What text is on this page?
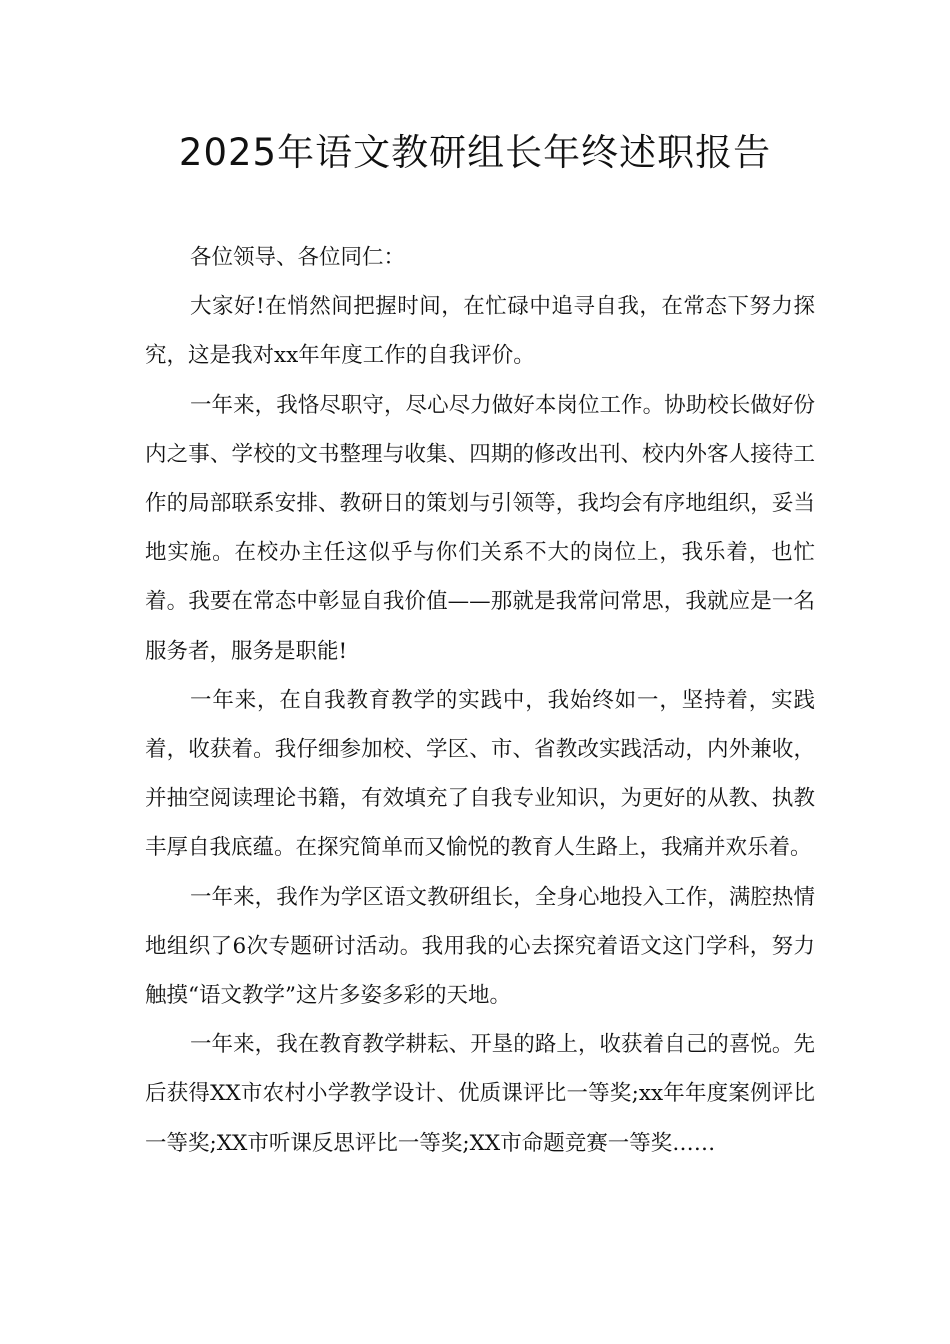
2025年语文教研组长年终述职报告

各位领导、各位同仁：

大家好!在悄然间把握时间，在忙碌中追寻自我，在常态下努力探究，这是我对xx年年度工作的自我评价。

一年来，我恪尽职守，尽心尽力做好本岗位工作。协助校长做好份内之事、学校的文书整理与收集、四期的修改出刊、校内外客人接待工作的局部联系安排、教研日的策划与引领等，我均会有序地组织，妥当地实施。在校办主任这似乎与你们关系不大的岗位上，我乐着，也忙着。我要在常态中彰显自我价值——那就是我常问常思，我就应是一名服务者，服务是职能!

一年来，在自我教育教学的实践中，我始终如一，坚持着，实践着，收获着。我仔细参加校、学区、市、省教改实践活动，内外兼收，并抽空阅读理论书籍，有效填充了自我专业知识，为更好的从教、执教丰厚自我底蕴。在探究简单而又愉悦的教育人生路上，我痛并欢乐着。

一年来，我作为学区语文教研组长，全身心地投入工作，满腔热情地组织了6次专题研讨活动。我用我的心去探究着语文这门学科，努力触摸“语文教学”这片多姿多彩的天地。

一年来，我在教育教学耕耘、开垦的路上，收获着自己的喜悦。先后获得XX市农村小学教学设计、优质课评比一等奖;xx年年度案例评比一等奖;XX市听课反思评比一等奖;XX市命题竞赛一等奖……
